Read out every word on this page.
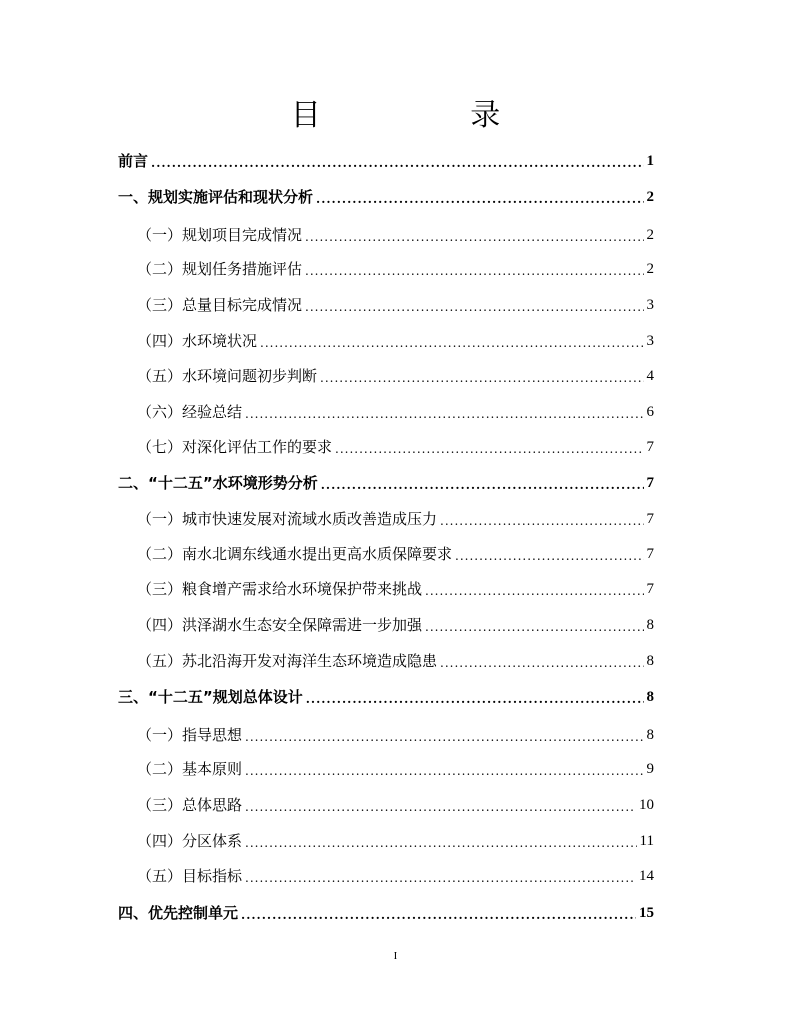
目 录
前言 .....	1
一、规划实施评估和现状分析 .....	2
（一）规划项目完成情况 .....	2
（二）规划任务措施评估 .....	2
（三）总量目标完成情况 .....	3
（四）水环境状况 .....	3
（五）水环境问题初步判断 .....	4
（六）经验总结 .....	6
（七）对深化评估工作的要求 .....	7
二、“十二五”水环境形势分析 .....	7
（一）城市快速发展对流域水质改善造成压力 .....	7
（二）南水北调东线通水提出更高水质保障要求 .....	7
（三）粮食增产需求给水环境保护带来挑战 .....	7
（四）洪泽湖水生态安全保障需进一步加强 .....	8
（五）苏北沿海开发对海洋生态环境造成隐患 .....	8
三、“十二五”规划总体设计 .....	8
（一）指导思想 .....	8
（二）基本原则 .....	9
（三）总体思路 .....	10
（四）分区体系 .....	11
（五）目标指标 .....	14
四、优先控制单元 .....	15
I
